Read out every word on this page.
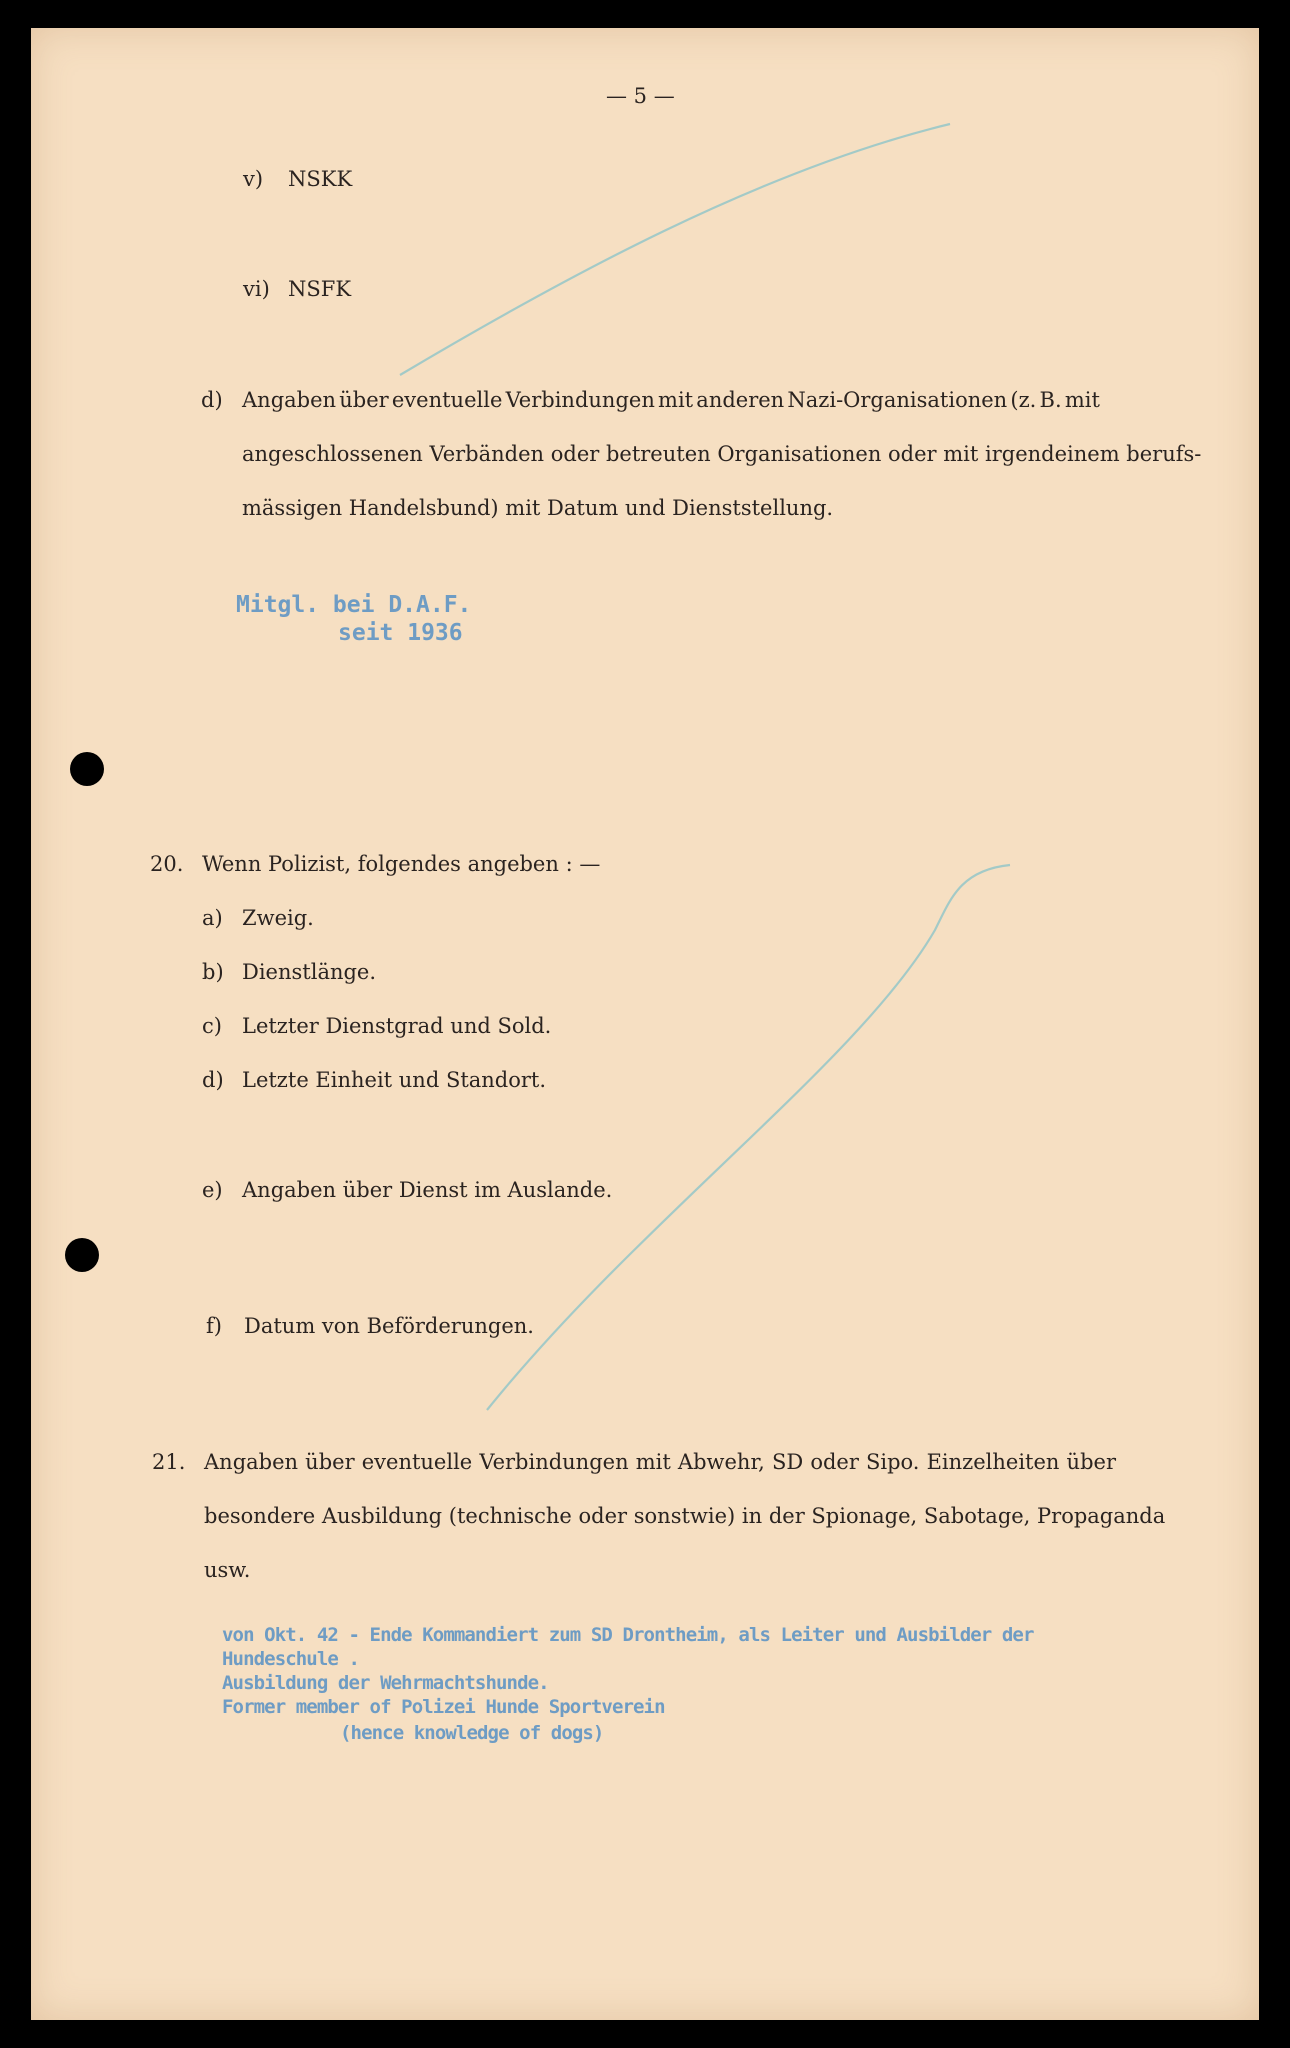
— 5 —
v) NSKK
vi) NSFK
d) Angaben über eventuelle Verbindungen mit anderen Nazi-Organisationen (z. B. mit
angeschlossenen Verbänden oder betreuten Organisationen oder mit irgendeinem berufs-
mässigen Handelsbund) mit Datum und Dienststellung.
Mitgl. bei D.A.F.
seit 1936
20. Wenn Polizist, folgendes angeben : —
a) Zweig.
b) Dienstlänge.
c) Letzter Dienstgrad und Sold.
d) Letzte Einheit und Standort.
e) Angaben über Dienst im Auslande.
f) Datum von Beförderungen.
21. Angaben über eventuelle Verbindungen mit Abwehr, SD oder Sipo. Einzelheiten über
besondere Ausbildung (technische oder sonstwie) in der Spionage, Sabotage, Propaganda
usw.
von Okt. 42 - Ende Kommandiert zum SD Drontheim, als Leiter und Ausbilder der
Hundeschule .
Ausbildung der Wehrmachtshunde.
Former member of Polizei Hunde Sportverein
(hence knowledge of dogs)
